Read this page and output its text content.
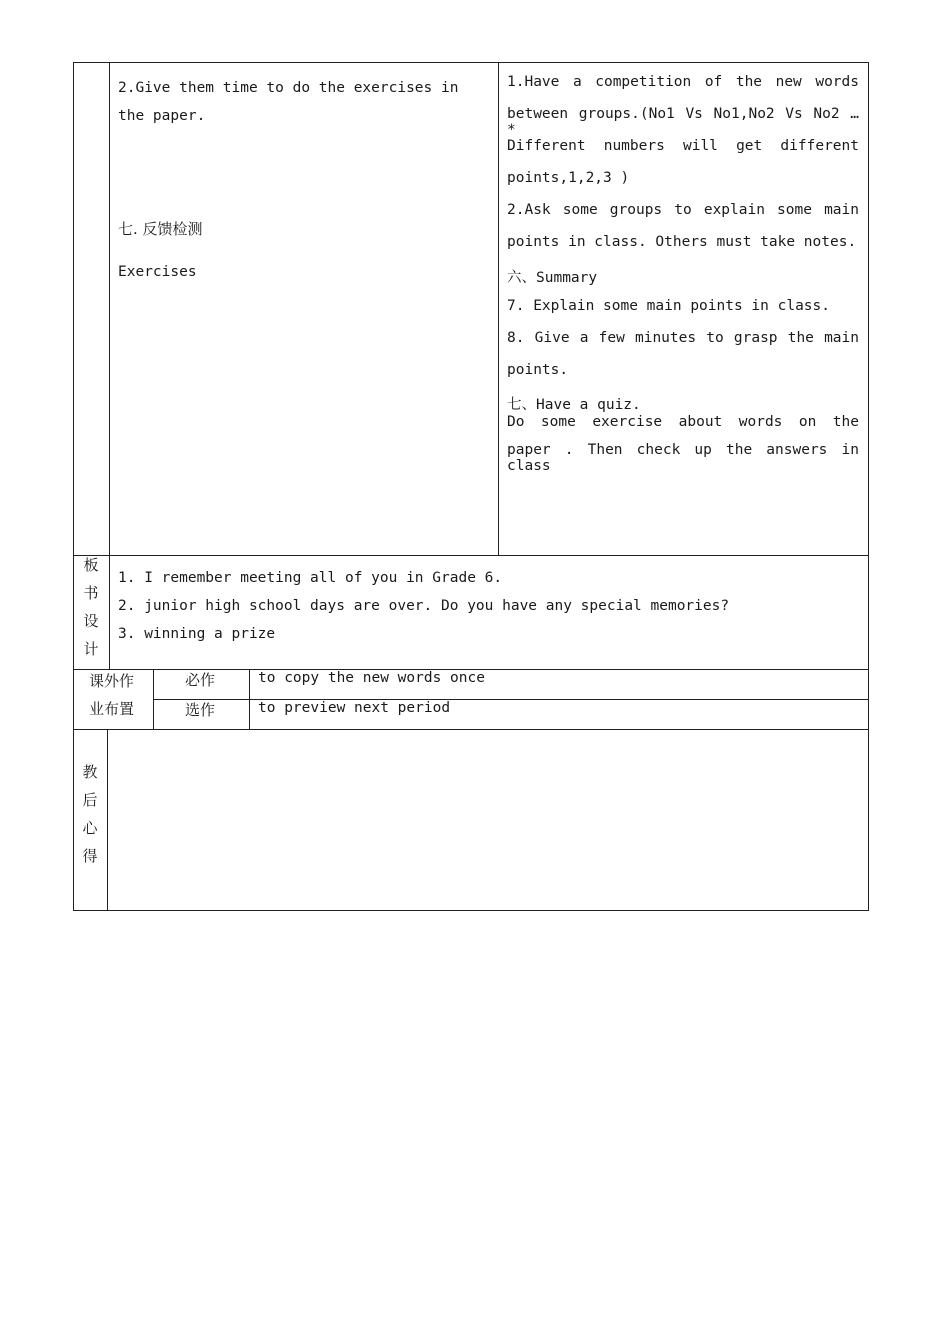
2.Give them time to do the exercises in
the paper.
七. 反馈检测
Exercises
1.Have a competition of the new words
between groups.(No1 Vs No1,No2 Vs No2 … *
Different numbers will get different
points,1,2,3 )
2.Ask some groups to explain some main
points in class. Others must take notes.
六、Summary
7. Explain some main points in class.
8. Give a few minutes to grasp the main
points.
七、Have a quiz.
Do some exercise about words on the
paper . Then check up the answers in class
板
书
设
计
1. I remember meeting all of you in Grade 6.
2. junior high school days are over. Do you have any special memories?
3. winning a prize
课外作
业布置
必作	to copy the new words once
选作	to preview next period
教
后
心
得
